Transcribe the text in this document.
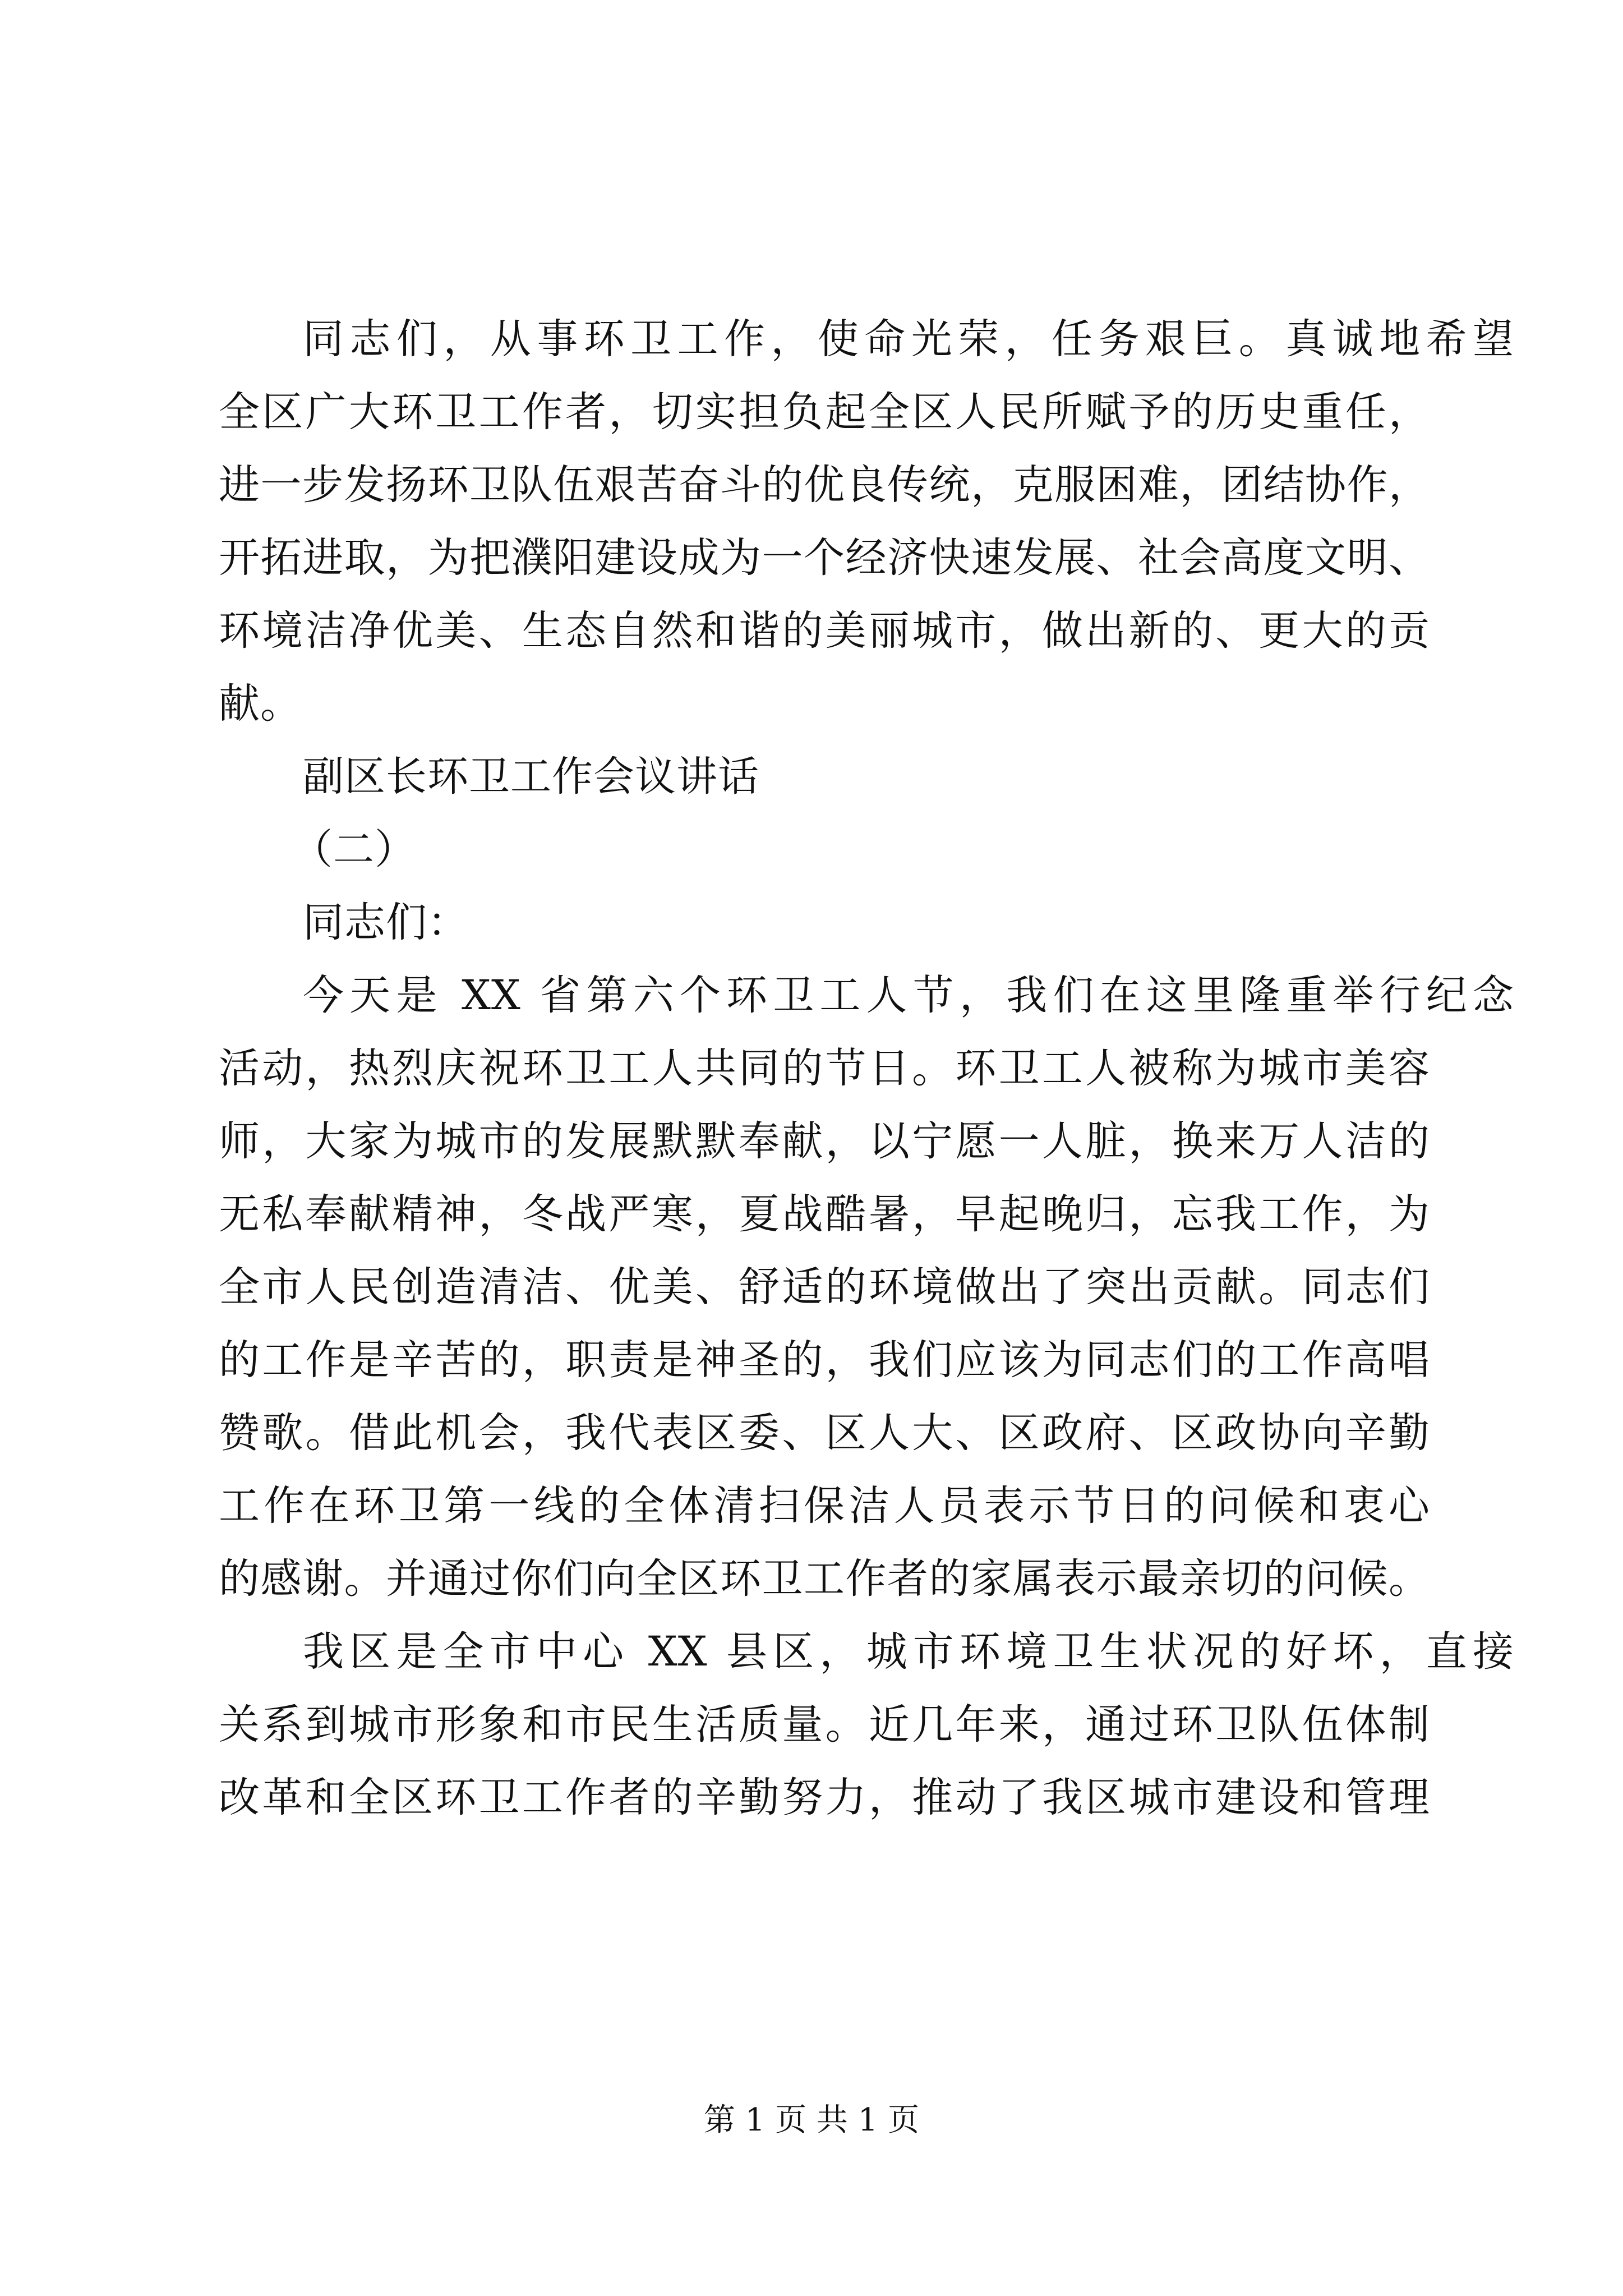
同志们，从事环卫工作，使命光荣，任务艰巨。真诚地希望
全区广大环卫工作者，切实担负起全区人民所赋予的历史重任，
进一步发扬环卫队伍艰苦奋斗的优良传统，克服困难，团结协作，
开拓进取，为把濮阳建设成为一个经济快速发展、社会高度文明、
环境洁净优美、生态自然和谐的美丽城市，做出新的、更大的贡
献。
副区长环卫工作会议讲话
（二）
同志们：
今天是 XX 省第六个环卫工人节，我们在这里隆重举行纪念
活动，热烈庆祝环卫工人共同的节日。环卫工人被称为城市美容
师，大家为城市的发展默默奉献，以宁愿一人脏，换来万人洁的
无私奉献精神，冬战严寒，夏战酷暑，早起晚归，忘我工作，为
全市人民创造清洁、优美、舒适的环境做出了突出贡献。同志们
的工作是辛苦的，职责是神圣的，我们应该为同志们的工作高唱
赞歌。借此机会，我代表区委、区人大、区政府、区政协向辛勤
工作在环卫第一线的全体清扫保洁人员表示节日的问候和衷心
的感谢。并通过你们向全区环卫工作者的家属表示最亲切的问候。
我区是全市中心 XX 县区，城市环境卫生状况的好坏，直接
关系到城市形象和市民生活质量。近几年来，通过环卫队伍体制
改革和全区环卫工作者的辛勤努力，推动了我区城市建设和管理
第 1 页 共 1 页
